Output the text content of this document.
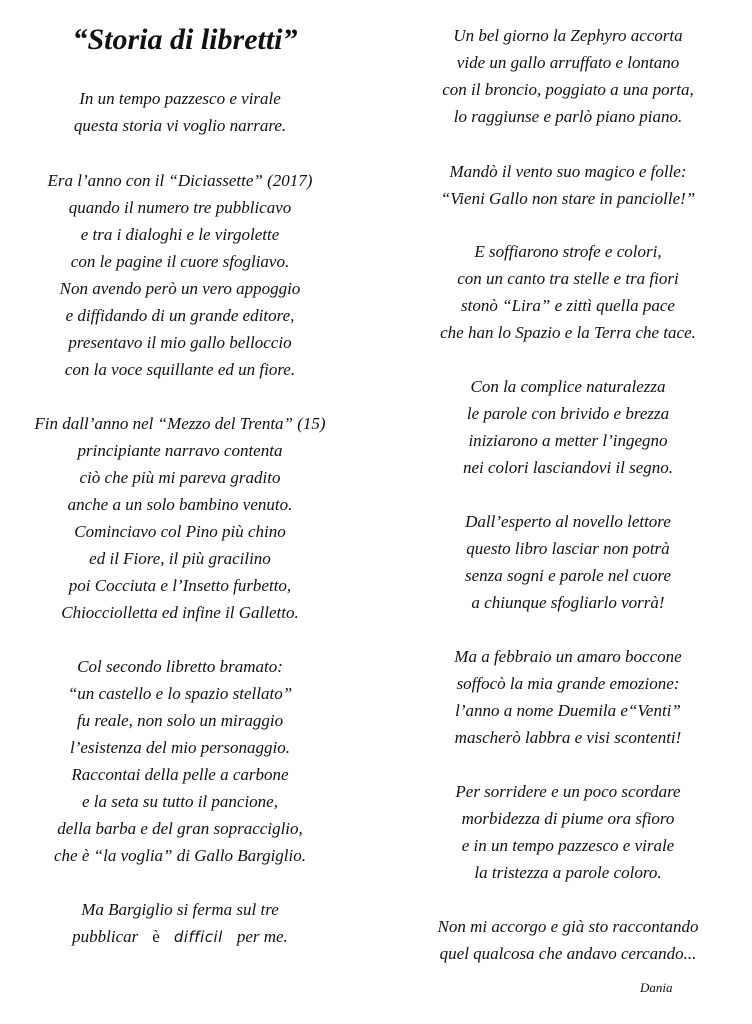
“Storia di libretti”
In un tempo pazzesco e virale
questa storia vi voglio narrare.
Era l’anno con il “Diciassette” (2017)
quando il numero tre pubblicavo
e tra i dialoghi e le virgolette
con le pagine il cuore sfogliavo.
Non avendo però un vero appoggio
e diffidando di un grande editore,
presentavo il mio gallo belloccio
con la voce squillante ed un fiore.
Fin dall’anno nel “Mezzo del Trenta” (15)
principiante narravo contenta
ciò che più mi pareva gradito
anche a un solo bambino venuto.
Cominciavo col Pino più chino
ed il Fiore, il più gracilino
poi Cocciuta e l’Insetto furbetto,
Chiocciolletta ed infine il Galletto.
Col secondo libretto bramato:
“un castello e lo spazio stellato”
fu reale, non solo un miraggio
l’esistenza del mio personaggio.
Raccontai della pelle a carbone
e la seta su tutto il pancione,
della barba e del gran sopracciglio,
che è “la voglia” di Gallo Bargiglio.
Ma Bargiglio si ferma sul tre
pubblicar è difficil per me.
Un bel giorno la Zephyro accorta
vide un gallo arruffato e lontano
con il broncio, poggiato a una porta,
lo raggiunse e parlò piano piano.
Mandò il vento suo magico e folle:
“Vieni Gallo non stare in panciolle!”
E soffiarono strofe e colori,
con un canto tra stelle e tra fiori
stonò “Lira” e zittì quella pace
che han lo Spazio e la Terra che tace.
Con la complice naturalezza
le parole con brivido e brezza
iniziarono a metter l’ingegno
nei colori lasciandovi il segno.
Dall’esperto al novello lettore
questo libro lasciar non potrà
senza sogni e parole nel cuore
a chiunque sfogliarlo vorrà!
Ma a febbraio un amaro boccone
soffocò la mia grande emozione:
l’anno a nome Duemila e“Venti”
mascherò labbra e visi scontenti!
Per sorridere e un poco scordare
morbidezza di piume ora sfioro
e in un tempo pazzesco e virale
la tristezza a parole coloro.
Non mi accorgo e già sto raccontando
quel qualcosa che andavo cercando...
Dania
